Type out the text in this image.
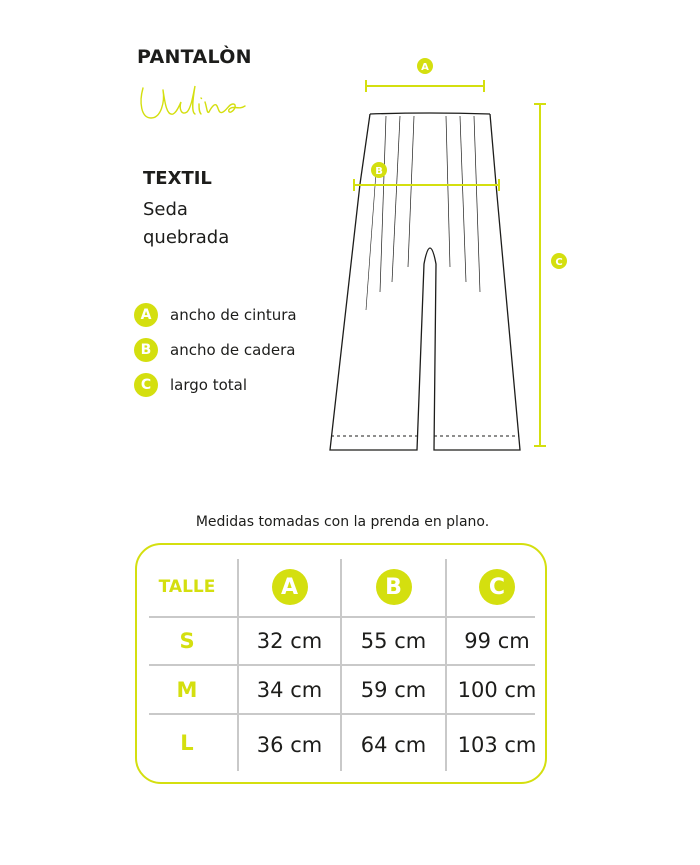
PANTALÒN
TEXTIL
Seda
quebrada
A	ancho de cintura
B	ancho de cadera
C	largo total
A
B
C
Medidas tomadas con la prenda en plano.
TALLE	A	B	C
S	32 cm	55 cm	99 cm
M	34 cm	59 cm	100 cm
L	36 cm	64 cm	103 cm
